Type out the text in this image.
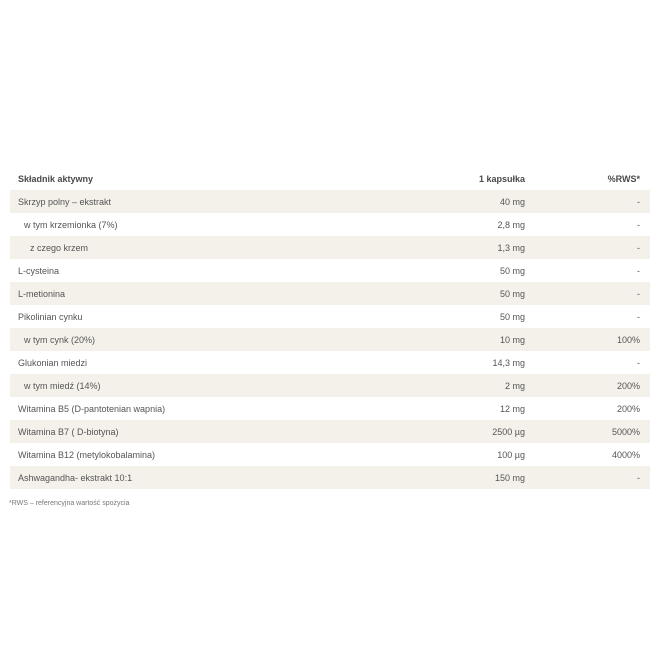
Składnik aktywny	1 kapsułka	%RWS*
Skrzyp polny – ekstrakt	40 mg	-
w tym krzemionka (7%)	2,8 mg	-
z czego krzem	1,3 mg	-
L-cysteina	50 mg	-
L-metionina	50 mg	-
Pikolinian cynku	50 mg	-
w tym cynk (20%)	10 mg	100%
Glukonian miedzi	14,3 mg	-
w tym miedź (14%)	2 mg	200%
Witamina B5 (D-pantotenian wapnia)	12 mg	200%
Witamina B7 ( D-biotyna)	2500 µg	5000%
Witamina B12 (metylokobalamina)	100 µg	4000%
Ashwagandha- ekstrakt 10:1	150 mg	-
*RWS – referencyjna wartość spożycia
